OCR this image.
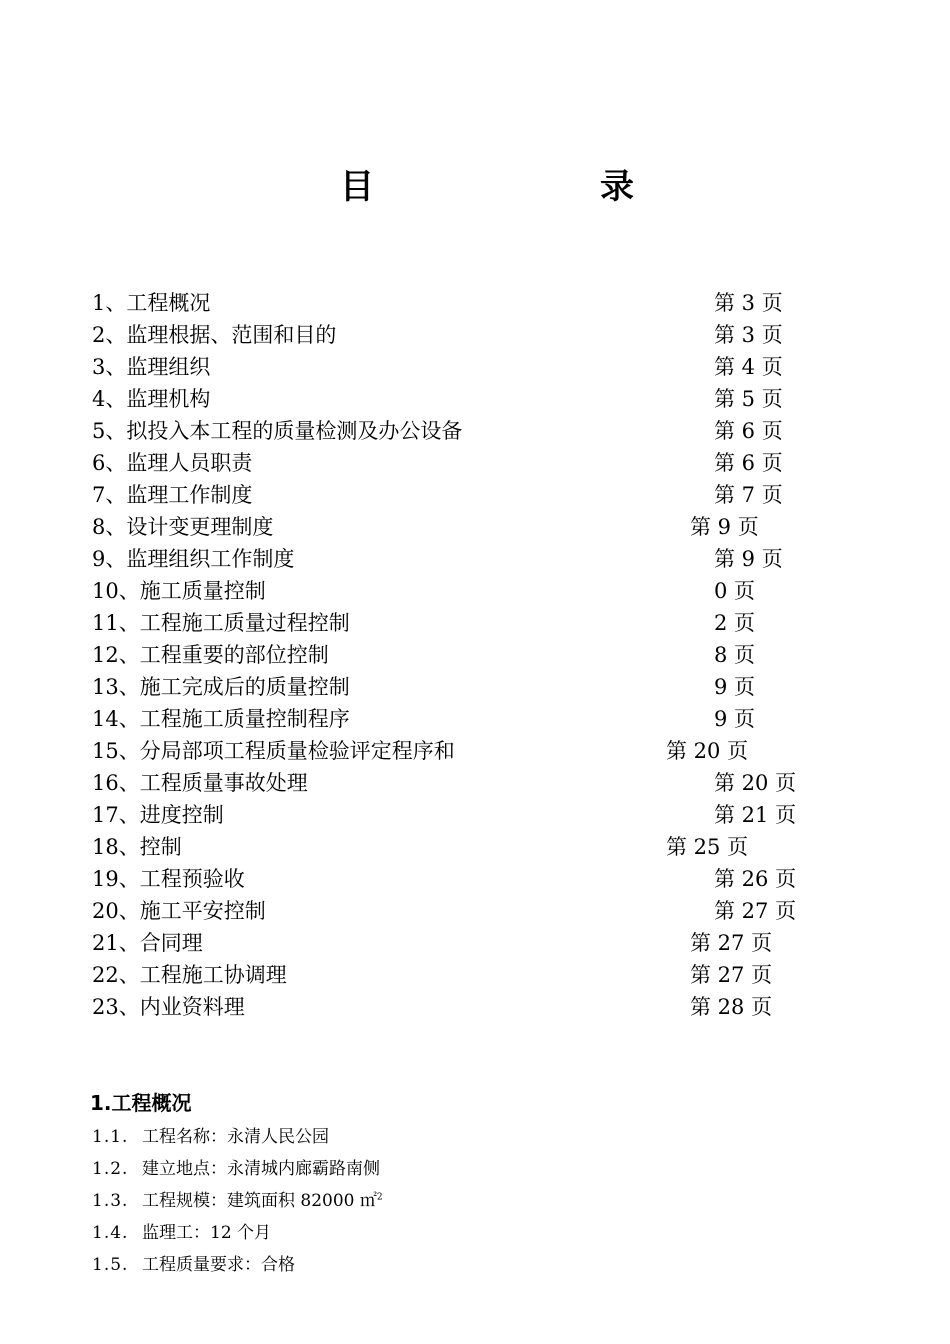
目	录
1、工程概况	第 3 页
2、监理根据、范围和目的	第 3 页
3、监理组织	第 4 页
4、监理机构	第 5 页
5、拟投入本工程的质量检测及办公设备	第 6 页
6、监理人员职责	第 6 页
7、监理工作制度	第 7 页
8、设计变更理制度	第 9 页
9、监理组织工作制度	第 9 页
10、施工质量控制	0 页
11、工程施工质量过程控制	2 页
12、工程重要的部位控制	8 页
13、施工完成后的质量控制	9 页
14、工程施工质量控制程序	9 页
15、分局部项工程质量检验评定程序和	第 20 页
16、工程质量事故处理	第 20 页
17、进度控制	第 21 页
18、控制	第 25 页
19、工程预验收	第 26 页
20、施工平安控制	第 27 页
21、合同理	第 27 页
22、工程施工协调理	第 27 页
23、内业资料理	第 28 页
1.工程概况
1.1. 工程名称：永清人民公园
1.2. 建立地点：永清城内廊霸路南侧
1.3. 工程规模：建筑面积 82000 ㎡$^2$
1.4. 监理工：12 个月
1.5. 工程质量要求：合格
